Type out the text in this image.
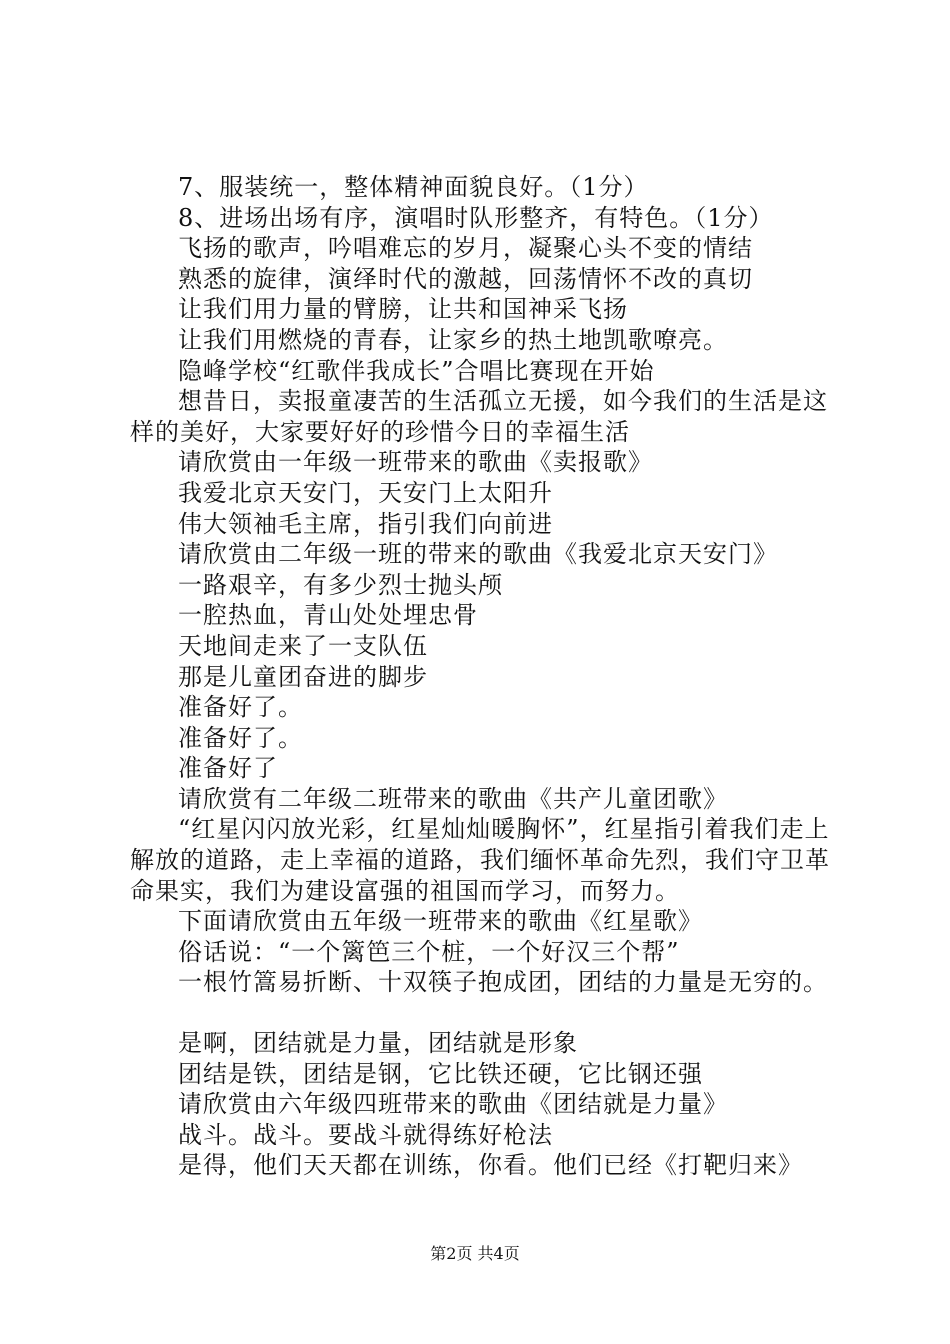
7、服装统一，整体精神面貌良好。（1分）

8、进场出场有序，演唱时队形整齐，有特色。（1分）

飞扬的歌声，吟唱难忘的岁月，凝聚心头不变的情结

熟悉的旋律，演绎时代的激越，回荡情怀不改的真切

让我们用力量的臂膀，让共和国神采飞扬

让我们用燃烧的青春，让家乡的热土地凯歌嘹亮。

隐峰学校“红歌伴我成长”合唱比赛现在开始

想昔日，卖报童凄苦的生活孤立无援，如今我们的生活是这样的美好，大家要好好的珍惜今日的幸福生活

请欣赏由一年级一班带来的歌曲《卖报歌》

我爱北京天安门，天安门上太阳升

伟大领袖毛主席，指引我们向前进

请欣赏由二年级一班的带来的歌曲《我爱北京天安门》

一路艰辛，有多少烈士抛头颅

一腔热血，青山处处埋忠骨

天地间走来了一支队伍

那是儿童团奋进的脚步

准备好了。

准备好了。

准备好了

请欣赏有二年级二班带来的歌曲《共产儿童团歌》

“红星闪闪放光彩，红星灿灿暖胸怀”，红星指引着我们走上解放的道路，走上幸福的道路，我们缅怀革命先烈，我们守卫革命果实，我们为建设富强的祖国而学习，而努力。

下面请欣赏由五年级一班带来的歌曲《红星歌》

俗话说：“一个篱笆三个桩，一个好汉三个帮”

一根竹篙易折断、十双筷子抱成团，团结的力量是无穷的。

是啊，团结就是力量，团结就是形象

团结是铁，团结是钢，它比铁还硬，它比钢还强

请欣赏由六年级四班带来的歌曲《团结就是力量》

战斗。战斗。要战斗就得练好枪法

是得，他们天天都在训练，你看。他们已经《打靶归来》

第2页 共4页
